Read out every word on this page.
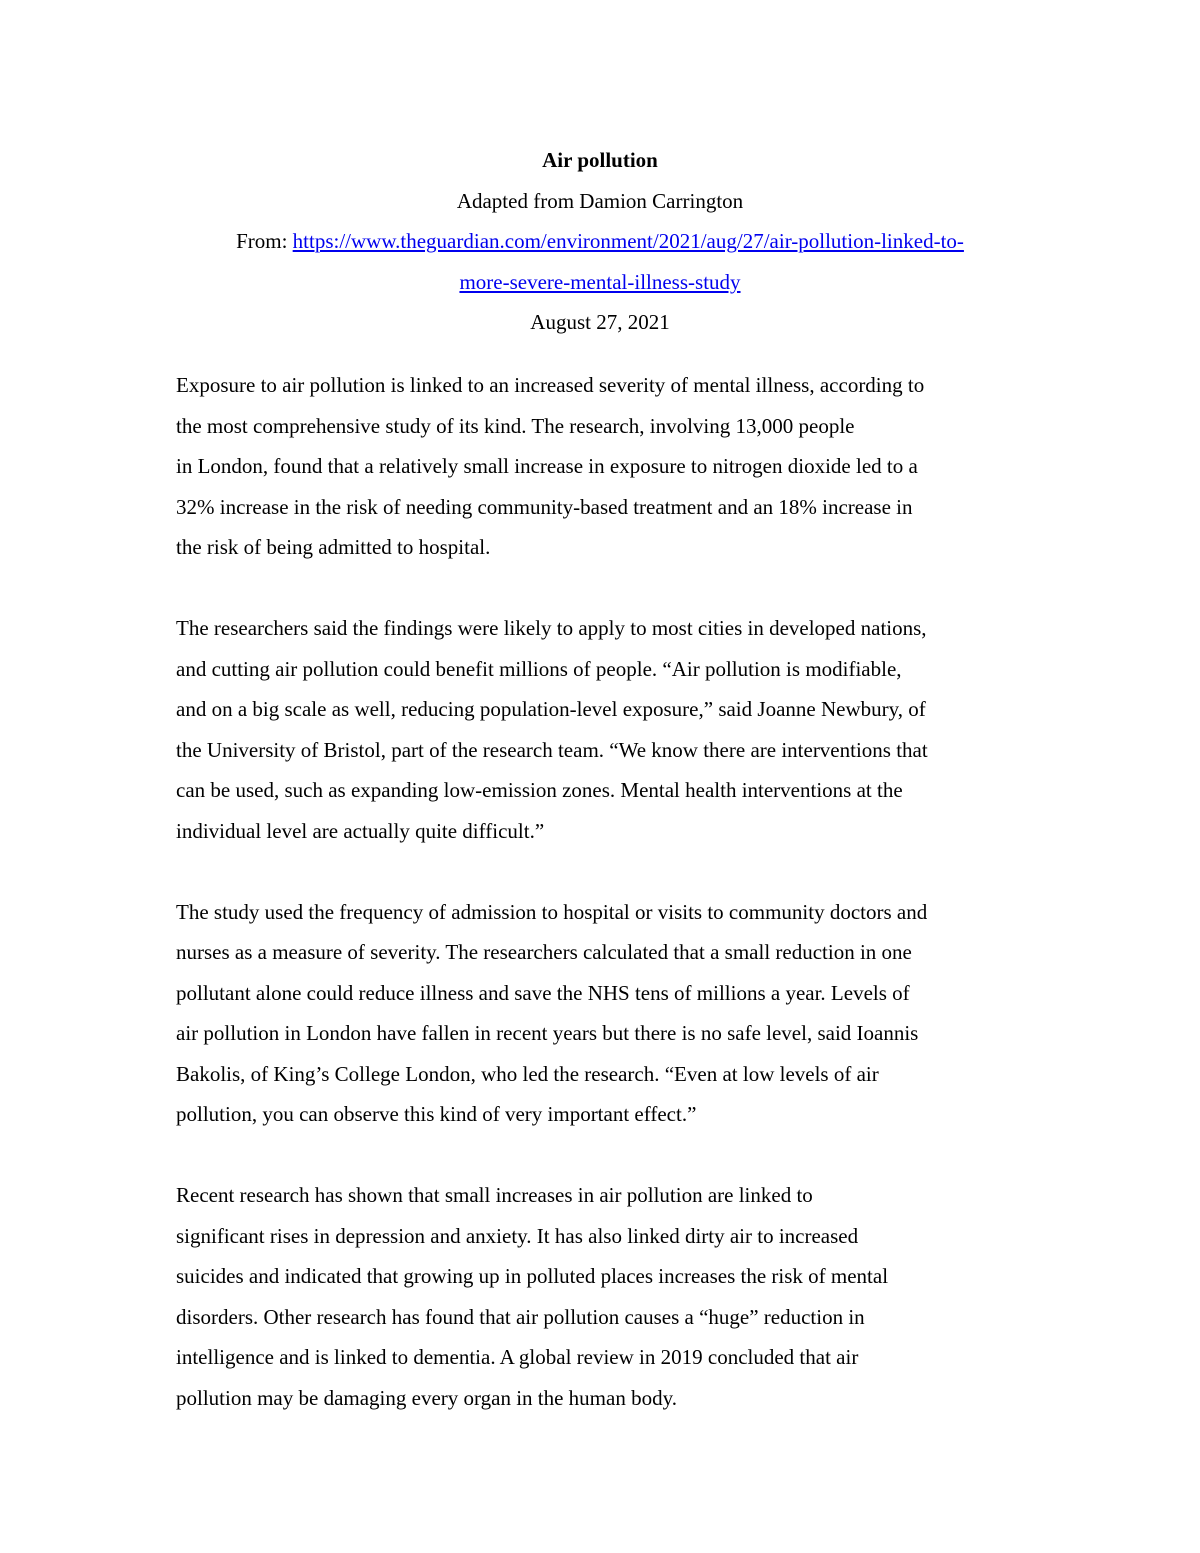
Air pollution

Adapted from Damion Carrington

From: https://www.theguardian.com/environment/2021/aug/27/air-pollution-linked-to-

more-severe-mental-illness-study

August 27, 2021

Exposure to air pollution is linked to an increased severity of mental illness, according to
the most comprehensive study of its kind. The research, involving 13,000 people
in London, found that a relatively small increase in exposure to nitrogen dioxide led to a
32% increase in the risk of needing community-based treatment and an 18% increase in
the risk of being admitted to hospital.
The researchers said the findings were likely to apply to most cities in developed nations,
and cutting air pollution could benefit millions of people. “Air pollution is modifiable,
and on a big scale as well, reducing population-level exposure,” said Joanne Newbury, of
the University of Bristol, part of the research team. “We know there are interventions that
can be used, such as expanding low-emission zones. Mental health interventions at the
individual level are actually quite difficult.”
The study used the frequency of admission to hospital or visits to community doctors and
nurses as a measure of severity. The researchers calculated that a small reduction in one
pollutant alone could reduce illness and save the NHS tens of millions a year. Levels of
air pollution in London have fallen in recent years but there is no safe level, said Ioannis
Bakolis, of King’s College London, who led the research. “Even at low levels of air
pollution, you can observe this kind of very important effect.”
Recent research has shown that small increases in air pollution are linked to
significant rises in depression and anxiety. It has also linked dirty air to increased
suicides and indicated that growing up in polluted places increases the risk of mental
disorders. Other research has found that air pollution causes a “huge” reduction in
intelligence and is linked to dementia. A global review in 2019 concluded that air
pollution may be damaging every organ in the human body.
